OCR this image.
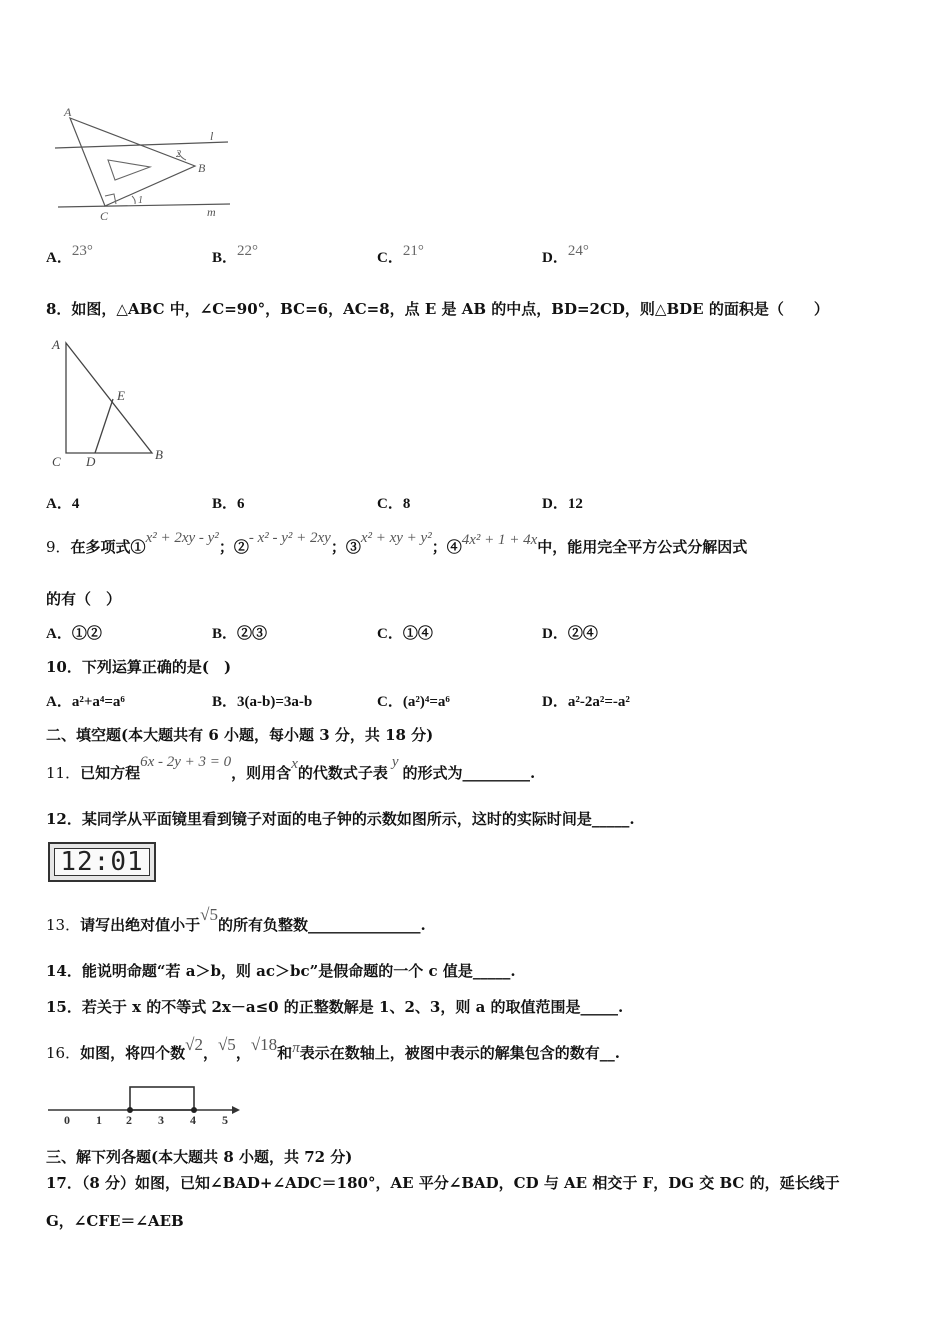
A
B
C
l
m
1
2
A．23°	B．22°	C．21°	D．24°
8．如图，△ABC 中，∠C=90°，BC=6，AC=8，点 E 是 AB 的中点，BD=2CD，则△BDE 的面积是（　　）
A
E
C D	B
A．4	B．6	C．8	D．12
9．在多项式①x² + 2xy - y²；②- x² - y² + 2xy；③x² + xy + y²；④4x² + 1 + 4x中，能用完全平方公式分解因式
的有（　）
A．①②	B．②③	C．①④	D．②④
10．下列运算正确的是(　)
A．a²+a⁴=a⁶	B．3(a-b)=3a-b	C．(a²)⁴=a⁶	D．a²-2a²=-a²
二、填空题(本大题共有 6 小题，每小题 3 分，共 18 分)
11．已知方程6x - 2y + 3 = 0，则用含x的代数式子表y的形式为_________.
12．某同学从平面镜里看到镜子对面的电子钟的示数如图所示，这时的实际时间是_____.
12:01
13．请写出绝对值小于√5的所有负整数_______________.
14．能说明命题“若 a＞b，则 ac＞bc”是假命题的一个 c 值是_____.
15．若关于 x 的不等式 2x－a≤0 的正整数解是 1、2、3，则 a 的取值范围是_____.
16．如图，将四个数√2，√5，√18和π表示在数轴上，被图中表示的解集包含的数有__.
0 1 2 3 4 5
三、解下列各题(本大题共 8 小题，共 72 分)
17．（8 分）如图，已知∠BAD+∠ADC＝180°，AE 平分∠BAD，CD 与 AE 相交于 F，DG 交 BC 的，延长线于
G，∠CFE＝∠AEB
